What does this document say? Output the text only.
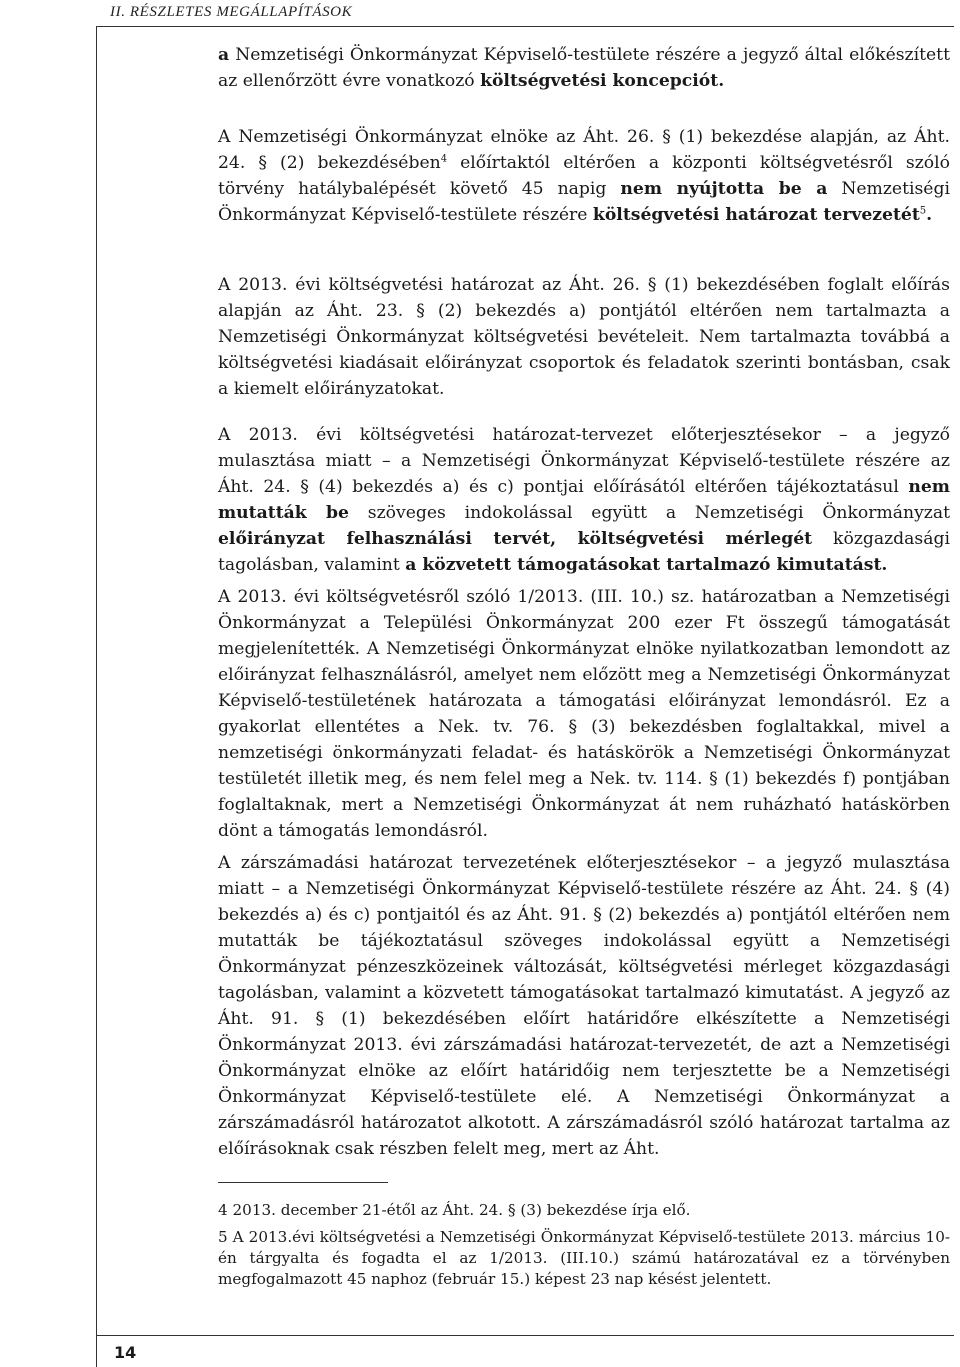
II. RÉSZLETES MEGÁLLAPÍTÁSOK

a Nemzetiségi Önkormányzat Képviselő-testülete részére a jegyző által előkészített az ellenőrzött évre vonatkozó költségvetési koncepciót.

A Nemzetiségi Önkormányzat elnöke az Áht. 26. § (1) bekezdése alapján, az Áht. 24. § (2) bekezdésében$^4$ előírtaktól eltérően a központi költségvetésről szóló törvény hatálybalépését követő 45 napig nem nyújtotta be a Nemzetiségi Önkormányzat Képviselő-testülete részére költségvetési határozat tervezetét$^5$.

A 2013. évi költségvetési határozat az Áht. 26. § (1) bekezdésében foglalt előírás alapján az Áht. 23. § (2) bekezdés a) pontjától eltérően nem tartalmazta a Nemzetiségi Önkormányzat költségvetési bevételeit. Nem tartalmazta továbbá a költségvetési kiadásait előirányzat csoportok és feladatok szerinti bontásban, csak a kiemelt előirányzatokat.

A 2013. évi költségvetési határozat-tervezet előterjesztésekor – a jegyző mulasztása miatt – a Nemzetiségi Önkormányzat Képviselő-testülete részére az Áht. 24. § (4) bekezdés a) és c) pontjai előírásától eltérően tájékoztatásul nem mutatták be szöveges indokolással együtt a Nemzetiségi Önkormányzat előirányzat felhasználási tervét, költségvetési mérlegét közgazdasági tagolásban, valamint a közvetett támogatásokat tartalmazó kimutatást.

A 2013. évi költségvetésről szóló 1/2013. (III. 10.) sz. határozatban a Nemzetiségi Önkormányzat a Települési Önkormányzat 200 ezer Ft összegű támogatását megjelenítették. A Nemzetiségi Önkormányzat elnöke nyilatkozatban lemondott az előirányzat felhasználásról, amelyet nem előzött meg a Nemzetiségi Önkormányzat Képviselő-testületének határozata a támogatási előirányzat lemondásról. Ez a gyakorlat ellentétes a Nek. tv. 76. § (3) bekezdésben foglaltakkal, mivel a nemzetiségi önkormányzati feladat- és hatáskörök a Nemzetiségi Önkormányzat testületét illetik meg, és nem felel meg a Nek. tv. 114. § (1) bekezdés f) pontjában foglaltaknak, mert a Nemzetiségi Önkormányzat át nem ruházható hatáskörben dönt a támogatás lemondásról.

A zárszámadási határozat tervezetének előterjesztésekor – a jegyző mulasztása miatt – a Nemzetiségi Önkormányzat Képviselő-testülete részére az Áht. 24. § (4) bekezdés a) és c) pontjaitól és az Áht. 91. § (2) bekezdés a) pontjától eltérően nem mutatták be tájékoztatásul szöveges indokolással együtt a Nemzetiségi Önkormányzat pénzeszközeinek változását, költségvetési mérleget közgazdasági tagolásban, valamint a közvetett támogatásokat tartalmazó kimutatást. A jegyző az Áht. 91. § (1) bekezdésében előírt határidőre elkészítette a Nemzetiségi Önkormányzat 2013. évi zárszámadási határozat-tervezetét, de azt a Nemzetiségi Önkormányzat elnöke az előírt határidőig nem terjesztette be a Nemzetiségi Önkormányzat Képviselő-testülete elé. A Nemzetiségi Önkormányzat a zárszámadásról határozatot alkotott. A zárszámadásról szóló határozat tartalma az előírásoknak csak részben felelt meg, mert az Áht.

4 2013. december 21-étől az Áht. 24. § (3) bekezdése írja elő.

5 A 2013.évi költségvetési a Nemzetiségi Önkormányzat Képviselő-testülete 2013. március 10-én tárgyalta és fogadta el az 1/2013. (III.10.) számú határozatával ez a törvényben megfogalmazott 45 naphoz (február 15.) képest 23 nap késést jelentett.

14
